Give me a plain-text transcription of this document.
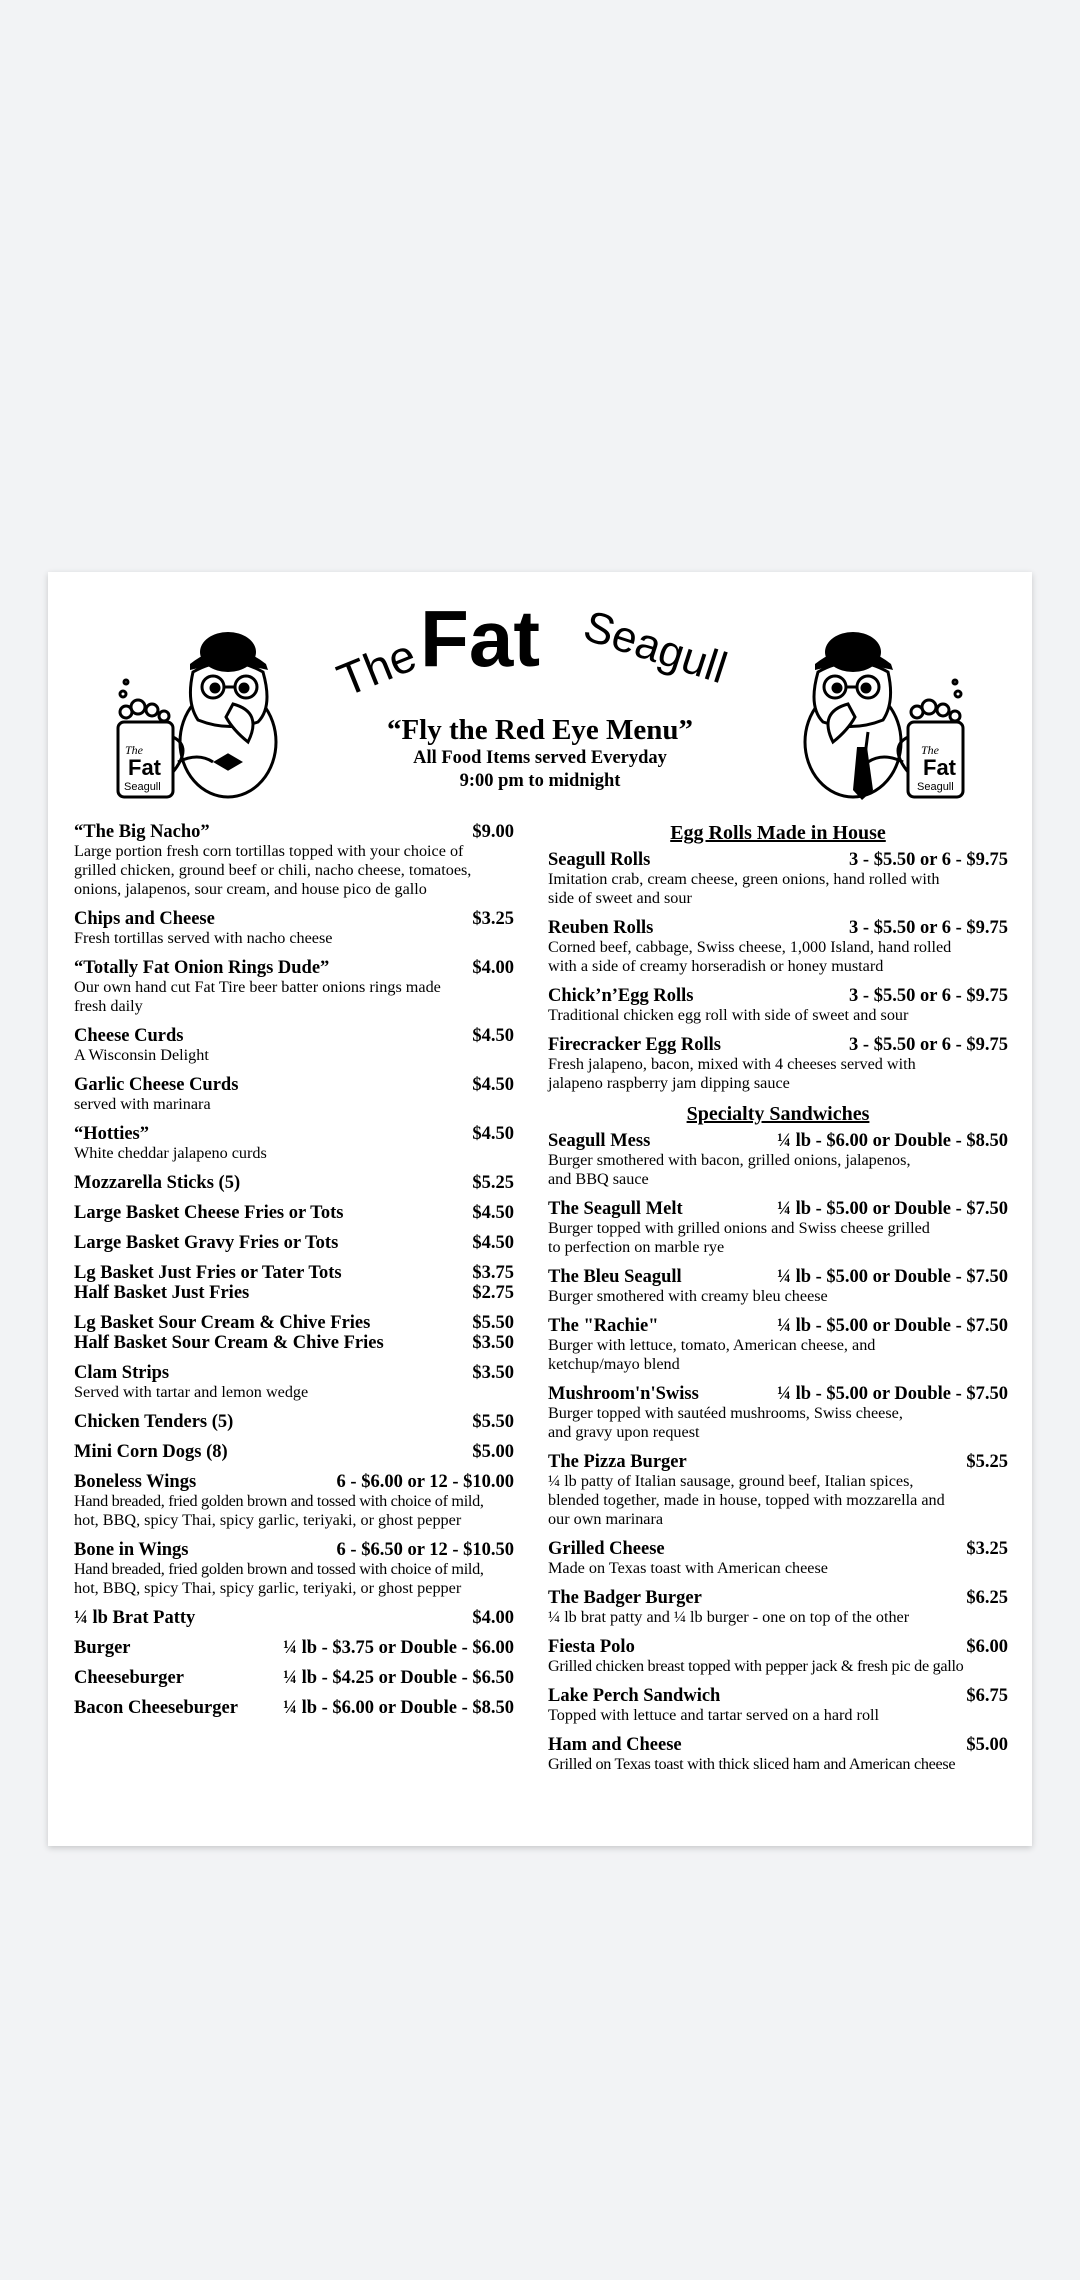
The
Fat
Seagull
The
Fat Seagull
The
Fat
Seagull
“Fly the Red Eye Menu”
All Food Items served Everyday
9:00 pm to midnight
“The Big Nacho”	$9.00
Large portion fresh corn tortillas topped with your choice of
grilled chicken, ground beef or chili, nacho cheese, tomatoes,
onions, jalapenos, sour cream, and house pico de gallo
Chips and Cheese	$3.25
Fresh tortillas served with nacho cheese
“Totally Fat Onion Rings Dude”	$4.00
Our own hand cut Fat Tire beer batter onions rings made
fresh daily
Cheese Curds	$4.50
A Wisconsin Delight
Garlic Cheese Curds	$4.50
served with marinara
“Hotties”	$4.50
White cheddar jalapeno curds
Mozzarella Sticks (5)	$5.25
Large Basket Cheese Fries or Tots	$4.50
Large Basket Gravy Fries or Tots	$4.50
Lg Basket Just Fries or Tater Tots	$3.75
Half Basket Just Fries	$2.75
Lg Basket Sour Cream & Chive Fries	$5.50
Half Basket Sour Cream & Chive Fries	$3.50
Clam Strips	$3.50
Served with tartar and lemon wedge
Chicken Tenders (5)	$5.50
Mini Corn Dogs (8)	$5.00
Boneless Wings	6 - $6.00 or 12 - $10.00
Hand breaded, fried golden brown and tossed with choice of mild,
hot, BBQ, spicy Thai, spicy garlic, teriyaki, or ghost pepper
Bone in Wings	6 - $6.50 or 12 - $10.50
Hand breaded, fried golden brown and tossed with choice of mild,
hot, BBQ, spicy Thai, spicy garlic, teriyaki, or ghost pepper
¼ lb Brat Patty	$4.00
Burger	¼ lb - $3.75 or Double - $6.00
Cheeseburger	¼ lb - $4.25 or Double - $6.50
Bacon Cheeseburger ¼ lb - $6.00 or Double - $8.50
Egg Rolls Made in House
Seagull Rolls	3 - $5.50 or 6 - $9.75
Imitation crab, cream cheese, green onions, hand rolled with
side of sweet and sour
Reuben Rolls	3 - $5.50 or 6 - $9.75
Corned beef, cabbage, Swiss cheese, 1,000 Island, hand rolled
with a side of creamy horseradish or honey mustard
Chick’n’Egg Rolls	3 - $5.50 or 6 - $9.75
Traditional chicken egg roll with side of sweet and sour
Firecracker Egg Rolls	3 - $5.50 or 6 - $9.75
Fresh jalapeno, bacon, mixed with 4 cheeses served with
jalapeno raspberry jam dipping sauce
Specialty Sandwiches
Seagull Mess	¼ lb - $6.00 or Double - $8.50
Burger smothered with bacon, grilled onions, jalapenos,
and BBQ sauce
The Seagull Melt	¼ lb - $5.00 or Double - $7.50
Burger topped with grilled onions and Swiss cheese grilled
to perfection on marble rye
The Bleu Seagull	¼ lb - $5.00 or Double - $7.50
Burger smothered with creamy bleu cheese
The "Rachie"	¼ lb - $5.00 or Double - $7.50
Burger with lettuce, tomato, American cheese, and
ketchup/mayo blend
Mushroom'n'Swiss	¼ lb - $5.00 or Double - $7.50
Burger topped with sautéed mushrooms, Swiss cheese,
and gravy upon request
The Pizza Burger	$5.25
¼ lb patty of Italian sausage, ground beef, Italian spices,
blended together, made in house, topped with mozzarella and
our own marinara
Grilled Cheese	$3.25
Made on Texas toast with American cheese
The Badger Burger	$6.25
¼ lb brat patty and ¼ lb burger - one on top of the other
Fiesta Polo	$6.00
Grilled chicken breast topped with pepper jack & fresh pic de gallo
Lake Perch Sandwich	$6.75
Topped with lettuce and tartar served on a hard roll
Ham and Cheese	$5.00
Grilled on Texas toast with thick sliced ham and American cheese
